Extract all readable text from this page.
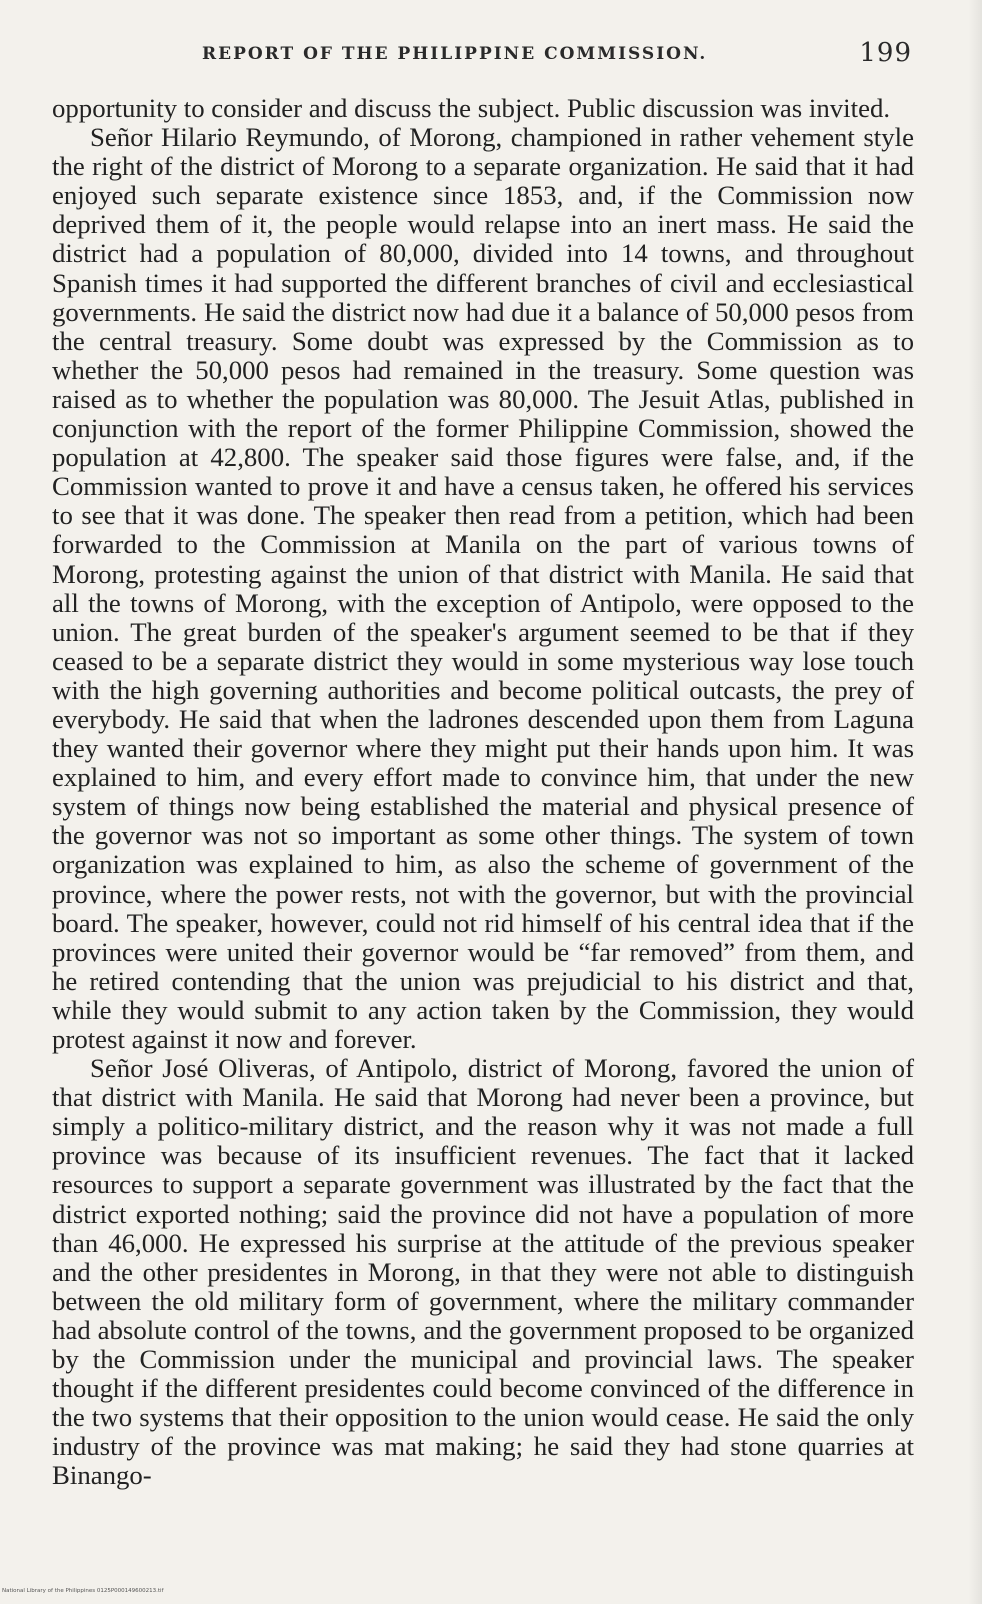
REPORT OF THE PHILIPPINE COMMISSION.	199

opportunity to consider and discuss the subject. Public discussion was invited.

Señor Hilario Reymundo, of Morong, championed in rather vehement style the right of the district of Morong to a separate organization. He said that it had enjoyed such separate existence since 1853, and, if the Commission now deprived them of it, the people would relapse into an inert mass. He said the district had a population of 80,000, divided into 14 towns, and throughout Spanish times it had supported the different branches of civil and ecclesiastical governments. He said the district now had due it a balance of 50,000 pesos from the central treasury. Some doubt was expressed by the Commission as to whether the 50,000 pesos had remained in the treasury. Some question was raised as to whether the population was 80,000. The Jesuit Atlas, published in conjunction with the report of the former Philippine Commission, showed the population at 42,800. The speaker said those figures were false, and, if the Commission wanted to prove it and have a census taken, he offered his services to see that it was done. The speaker then read from a petition, which had been forwarded to the Commission at Manila on the part of various towns of Morong, protesting against the union of that district with Manila. He said that all the towns of Morong, with the exception of Antipolo, were opposed to the union. The great burden of the speaker's argument seemed to be that if they ceased to be a separate district they would in some mysterious way lose touch with the high governing authorities and become political outcasts, the prey of everybody. He said that when the ladrones descended upon them from Laguna they wanted their governor where they might put their hands upon him. It was explained to him, and every effort made to convince him, that under the new system of things now being established the material and physical presence of the governor was not so important as some other things. The system of town organization was explained to him, as also the scheme of government of the province, where the power rests, not with the governor, but with the provincial board. The speaker, however, could not rid himself of his central idea that if the provinces were united their governor would be “far removed” from them, and he retired contending that the union was prejudicial to his district and that, while they would submit to any action taken by the Commission, they would protest against it now and forever.

Señor José Oliveras, of Antipolo, district of Morong, favored the union of that district with Manila. He said that Morong had never been a province, but simply a politico-military district, and the reason why it was not made a full province was because of its insufficient revenues. The fact that it lacked resources to support a separate government was illustrated by the fact that the district exported nothing; said the province did not have a population of more than 46,000. He expressed his surprise at the attitude of the previous speaker and the other presidentes in Morong, in that they were not able to distinguish between the old military form of government, where the military commander had absolute control of the towns, and the government proposed to be organized by the Commission under the municipal and provincial laws. The speaker thought if the different presidentes could become convinced of the difference in the two systems that their opposition to the union would cease. He said the only industry of the province was mat making; he said they had stone quarries at Binango-

National Library of the Philippines 0125P000149600213.tif
